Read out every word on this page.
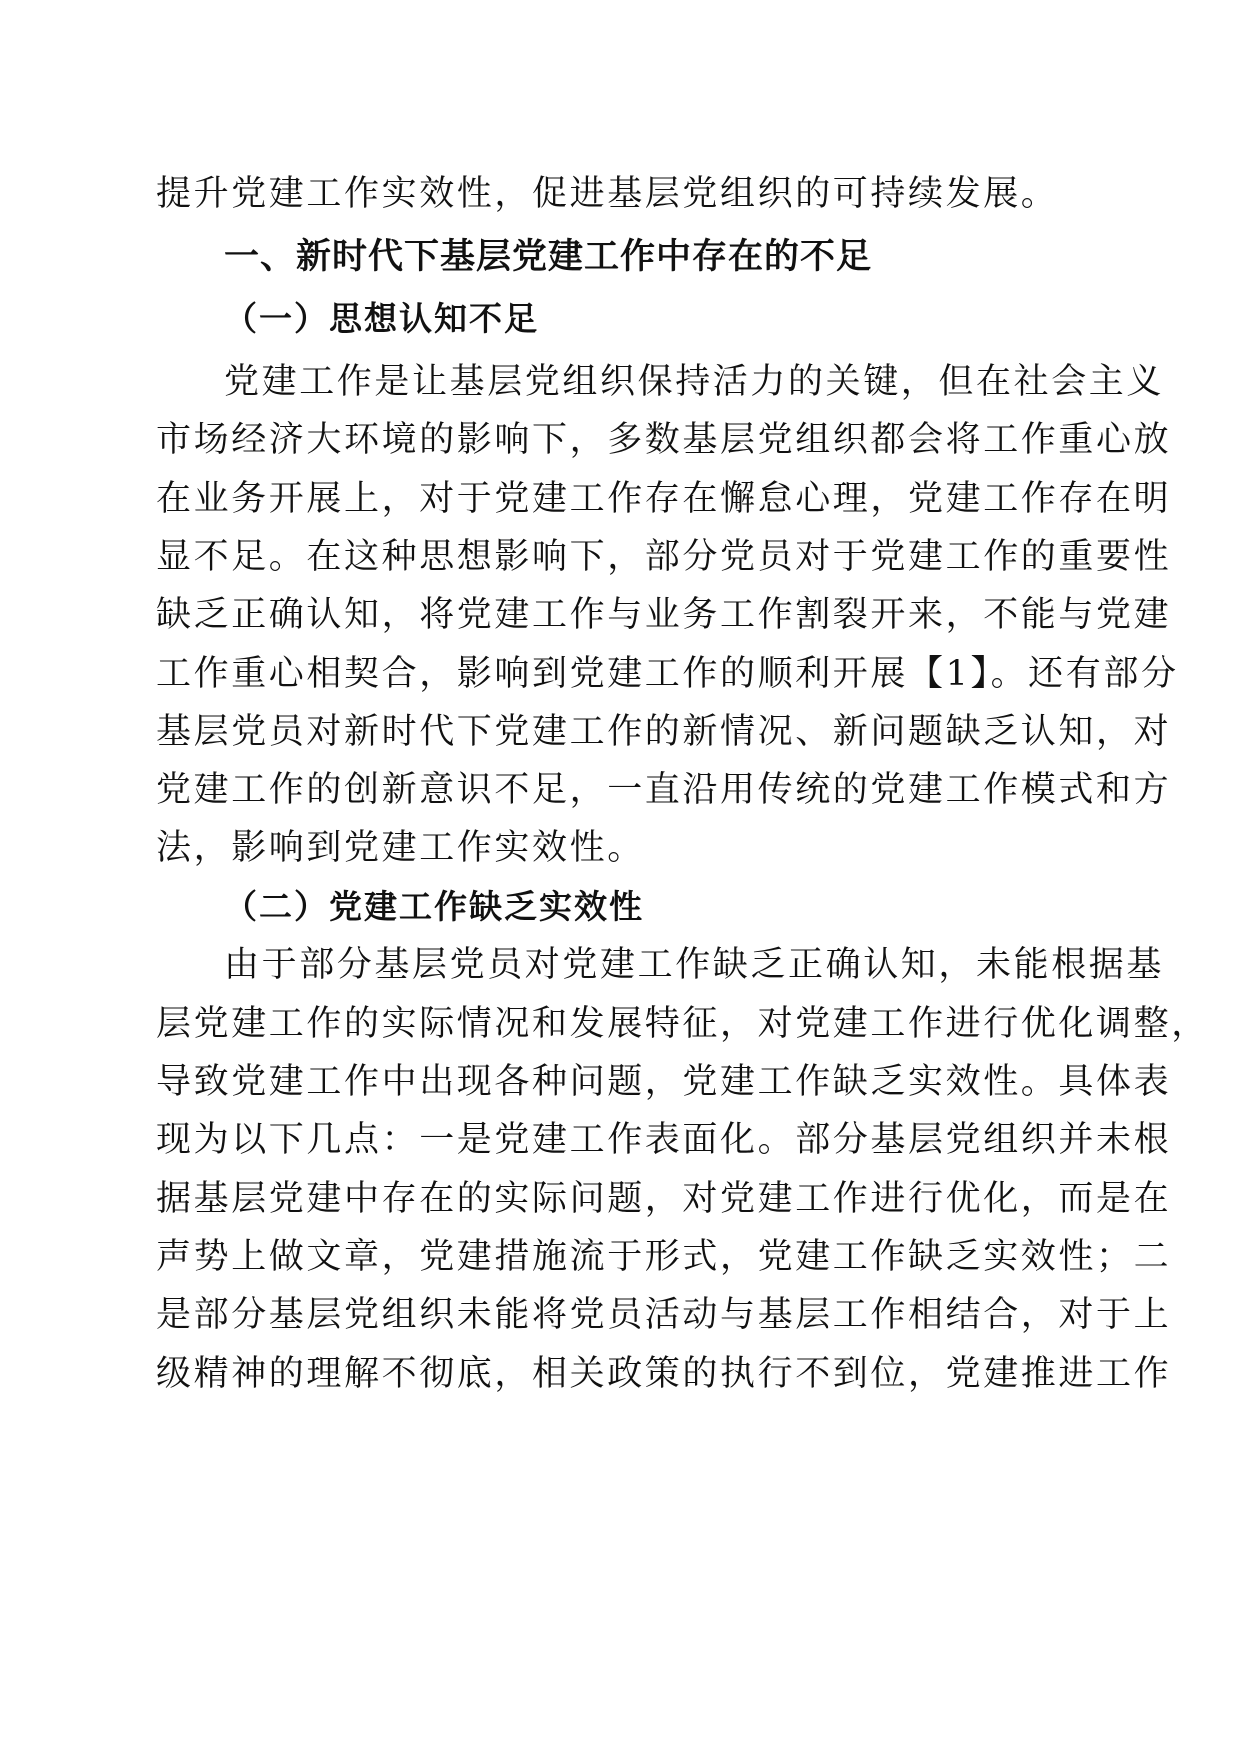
提升党建工作实效性，促进基层党组织的可持续发展。

一、新时代下基层党建工作中存在的不足
（一）思想认知不足

党建工作是让基层党组织保持活力的关键，但在社会主义

市场经济大环境的影响下，多数基层党组织都会将工作重心放

在业务开展上，对于党建工作存在懈怠心理，党建工作存在明

显不足。在这种思想影响下，部分党员对于党建工作的重要性

缺乏正确认知，将党建工作与业务工作割裂开来，不能与党建

工作重心相契合，影响到党建工作的顺利开展【1】。还有部分

基层党员对新时代下党建工作的新情况、新问题缺乏认知，对

党建工作的创新意识不足，一直沿用传统的党建工作模式和方

法，影响到党建工作实效性。

（二）党建工作缺乏实效性

由于部分基层党员对党建工作缺乏正确认知，未能根据基

层党建工作的实际情况和发展特征，对党建工作进行优化调整，

导致党建工作中出现各种问题，党建工作缺乏实效性。具体表

现为以下几点：一是党建工作表面化。部分基层党组织并未根

据基层党建中存在的实际问题，对党建工作进行优化，而是在

声势上做文章，党建措施流于形式，党建工作缺乏实效性；二

是部分基层党组织未能将党员活动与基层工作相结合，对于上

级精神的理解不彻底，相关政策的执行不到位，党建推进工作
